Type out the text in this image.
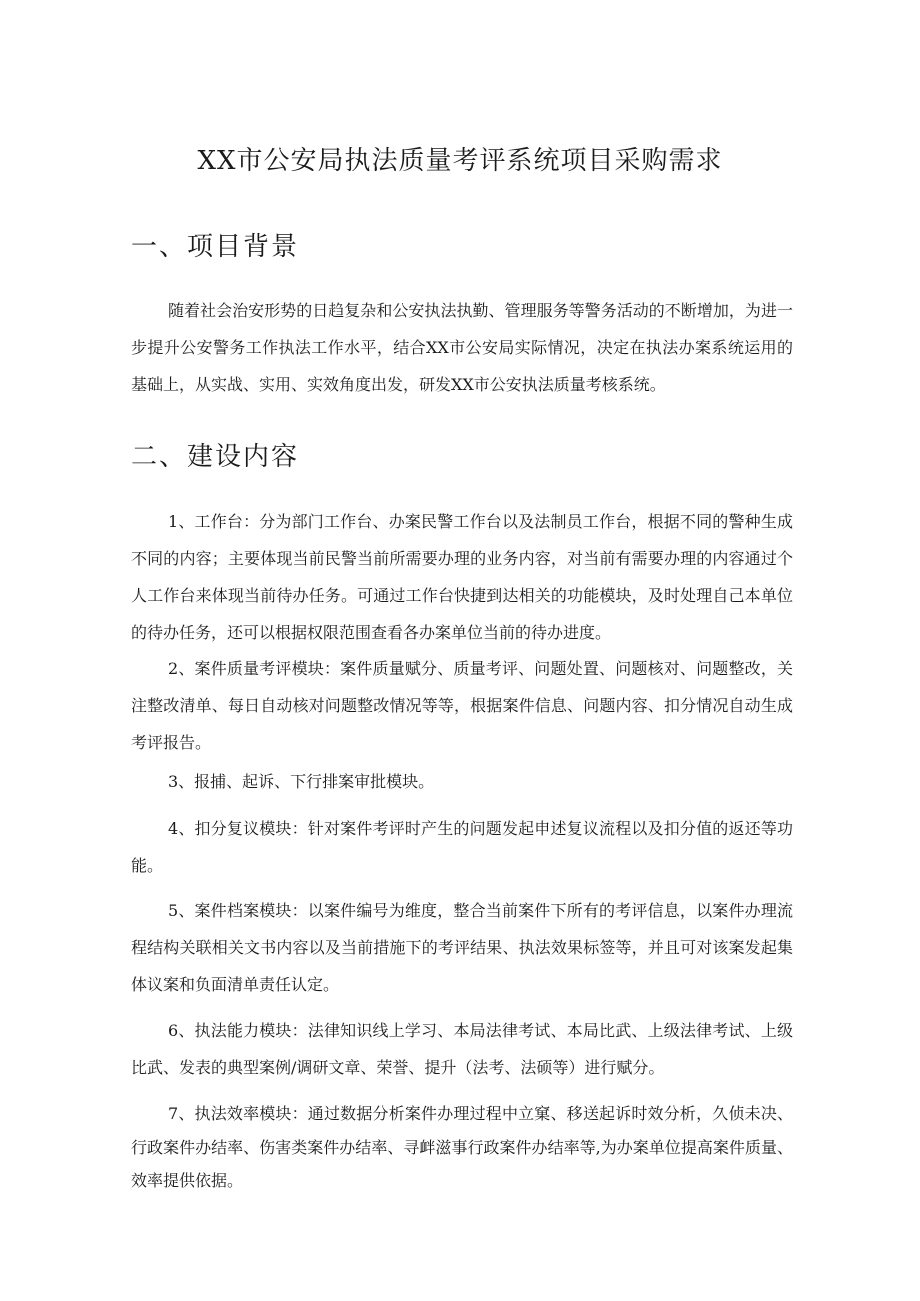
XX市公安局执法质量考评系统项目采购需求
一、项目背景
随着社会治安形势的日趋复杂和公安执法执勤、管理服务等警务活动的不断增加，为进一步提升公安警务工作执法工作水平，结合XX市公安局实际情况，决定在执法办案系统运用的基础上，从实战、实用、实效角度出发，研发XX市公安执法质量考核系统。
二、建设内容
1、工作台：分为部门工作台、办案民警工作台以及法制员工作台，根据不同的警种生成不同的内容；主要体现当前民警当前所需要办理的业务内容，对当前有需要办理的内容通过个人工作台来体现当前待办任务。可通过工作台快捷到达相关的功能模块，及时处理自己本单位的待办任务，还可以根据权限范围查看各办案单位当前的待办进度。
2、案件质量考评模块：案件质量赋分、质量考评、问题处置、问题核对、问题整改，关注整改清单、每日自动核对问题整改情况等等，根据案件信息、问题内容、扣分情况自动生成考评报告。
3、报捕、起诉、下行排案审批模块。
4、扣分复议模块：针对案件考评时产生的问题发起申述复议流程以及扣分值的返还等功能。
5、案件档案模块：以案件编号为维度，整合当前案件下所有的考评信息，以案件办理流程结构关联相关文书内容以及当前措施下的考评结果、执法效果标签等，并且可对该案发起集体议案和负面清单责任认定。
6、执法能力模块：法律知识线上学习、本局法律考试、本局比武、上级法律考试、上级比武、发表的典型案例/调研文章、荣誉、提升（法考、法硕等）进行赋分。
7、执法效率模块：通过数据分析案件办理过程中立窠、移送起诉时效分析，久侦未决、行政案件办结率、伤害类案件办结率、寻衅滋事行政案件办结率等,为办案单位提高案件质量、效率提供依据。
